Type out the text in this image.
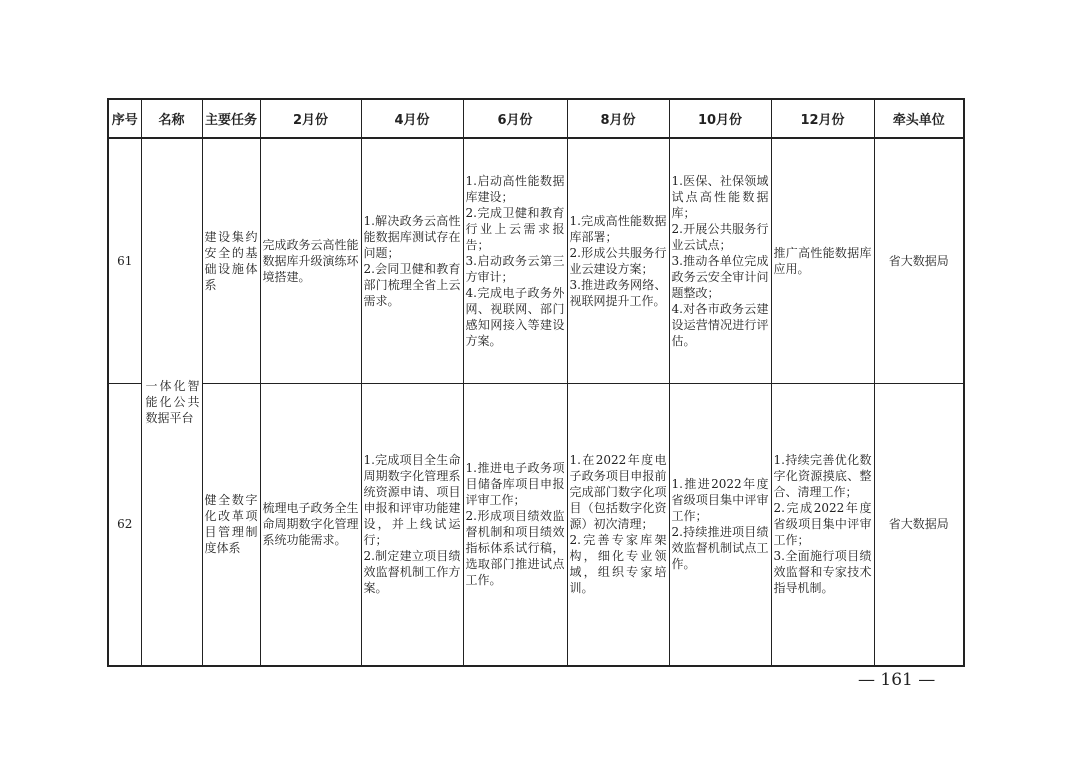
序号	名称	主要任务	2月份	4月份	6月份	8月份	10月份	12月份	牵头单位
61	一体化智能化公共数据平台	建设集约安全的基础设施体系	完成政务云高性能数据库升级演练环境搭建。	1.解决政务云高性能数据库测试存在问题；
2.会同卫健和教育部门梳理全省上云需求。	1.启动高性能数据库建设；
2.完成卫健和教育行业上云需求报告；
3.启动政务云第三方审计；
4.完成电子政务外网、视联网、部门感知网接入等建设方案。	1.完成高性能数据库部署；
2.形成公共服务行业云建设方案；
3.推进政务网络、视联网提升工作。	1.医保、社保领域试点高性能数据库；
2.开展公共服务行业云试点；
3.推动各单位完成政务云安全审计问题整改；
4.对各市政务云建设运营情况进行评估。	推广高性能数据库应用。	省大数据局
62		健全数字化改革项目管理制度体系	梳理电子政务全生命周期数字化管理系统功能需求。	1.完成项目全生命周期数字化管理系统资源申请、项目申报和评审功能建设，并上线试运行；
2.制定建立项目绩效监督机制工作方案。	1.推进电子政务项目储备库项目申报评审工作；
2.形成项目绩效监督机制和项目绩效指标体系试行稿，选取部门推进试点工作。	1.在2022年度电子政务项目申报前完成部门数字化项目（包括数字化资源）初次清理；
2.完善专家库架构，细化专业领域，组织专家培训。	1.推进2022年度省级项目集中评审工作；
2.持续推进项目绩效监督机制试点工作。	1.持续完善优化数字化资源摸底、整合、清理工作；
2.完成2022年度省级项目集中评审工作；
3.全面施行项目绩效监督和专家技术指导机制。	省大数据局
— 161 —
